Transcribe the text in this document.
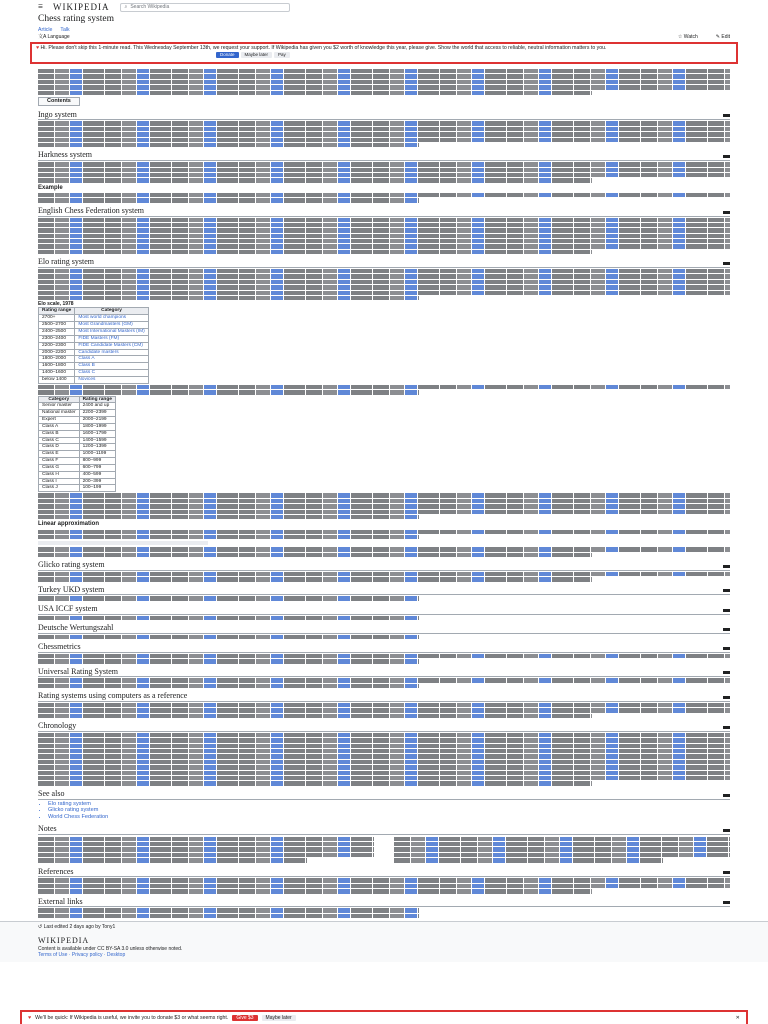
☰ WIKIPEDIA	⌕ Search Wikipedia
Chess rating system
Article Talk
文A Language	☆ Watch	✎ Edit
♥ Hi. Please don't skip this 1-minute read. This Wednesday September 13th, we request your support. If Wikipedia has given you $2 worth of knowledge this year, please give. Show the world that access to reliable, neutral information matters to you.
Donate	Maybe later	Pay
Contents
Ingo system
Harkness system
Example
English Chess Federation system
Elo rating system
Elo scale, 1978
Rating range	Category
2700+	Most world champions
2500–2700	Most Grandmasters (GM)
2400–2500	Most International Masters (IM)
2300–2400	FIDE Masters (FM)
2200–2300	FIDE Candidate Masters (CM)
2000–2200	Candidate masters
1800–2000	Class A
1600–1800	Class B
1400–1600	Class C
below 1400	Novices
Category	Rating range
Senior master	2400 and up
National master	2200–2399
Expert	2000–2199
Class A	1800–1999
Class B	1600–1799
Class C	1400–1599
Class D	1200–1399
Class E	1000–1199
Class F	800–999
Class G	600–799
Class H	400–599
Class I	200–399
Class J	100–199
Linear approximation
Glicko rating system
Turkey UKD system
USA ICCF system
Deutsche Wertungszahl
Chessmetrics
Universal Rating System
Rating systems using computers as a reference
Chronology
See also
• Elo rating system
• Glicko rating system
• World Chess Federation
Notes
References
External links
↺ Last edited 2 days ago by Tony1
WIKIPEDIA
Content is available under CC BY-SA 3.0 unless otherwise noted.
Terms of Use · Privacy policy · Desktop
♥ We'll be quick: If Wikipedia is useful, we invite you to donate $3 or what seems right.	Give $3	Maybe later	✕
